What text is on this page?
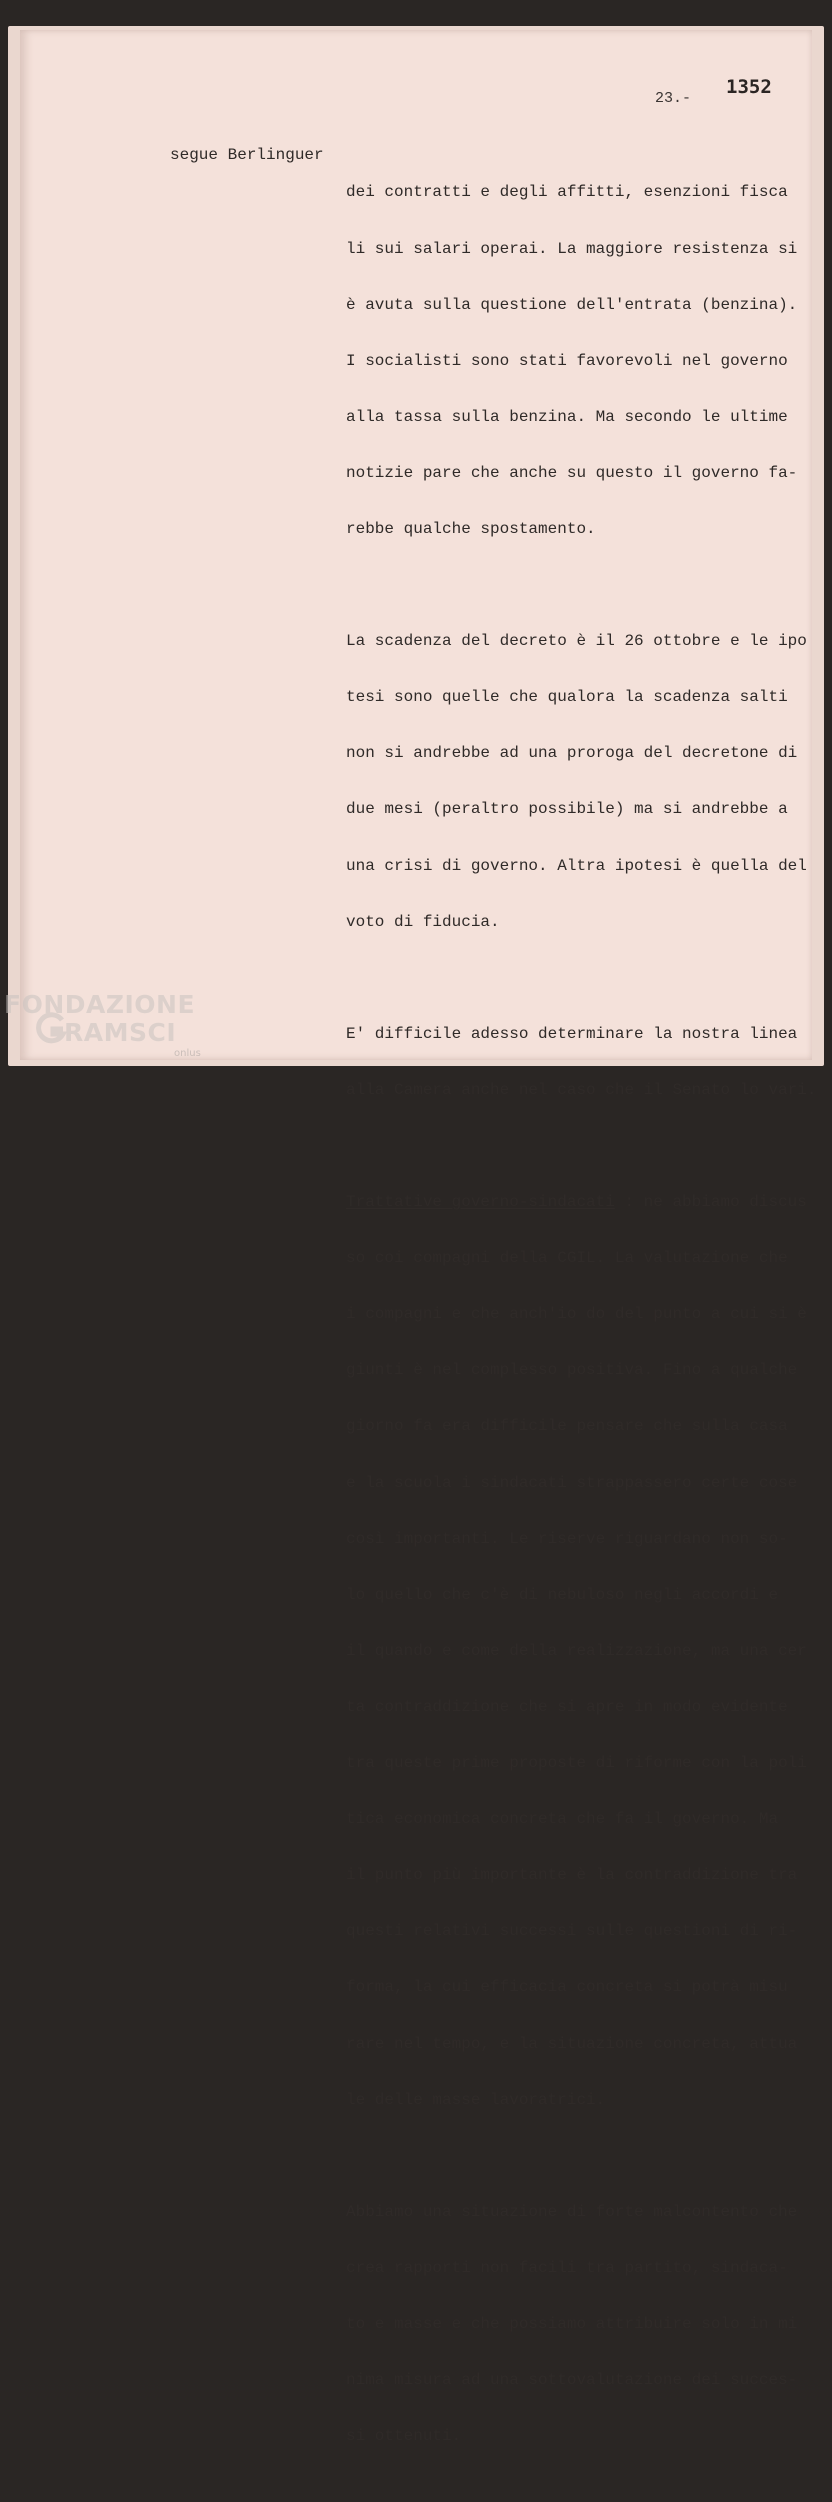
1352
23.-
segue Berlinguer

dei contratti e degli affitti, esenzioni fisca

li sui salari operai. La maggiore resistenza si

è avuta sulla questione dell'entrata (benzina).

I socialisti sono stati favorevoli nel governo

alla tassa sulla benzina. Ma secondo le ultime

notizie pare che anche su questo il governo fa-

rebbe qualche spostamento.

La scadenza del decreto è il 26 ottobre e le ipo

tesi sono quelle che qualora la scadenza salti

non si andrebbe ad una proroga del decretone di

due mesi (peraltro possibile) ma si andrebbe a

una crisi di governo. Altra ipotesi è quella del

voto di fiducia.

E' difficile adesso determinare la nostra linea

alla Camera anche nel caso che il Senato lo vari.

Trattative governo-sindacati : ne abbiamo discus

so coi compagni della CGIL. La valutazione che

i compagni e che anch'io do del punto a cui si è

giunti è nel complesso positiva. Fino a qualche

giorno fa era difficile pensare che sulla casa

e la scuola i sindacati strappassero certe cose

così importanti. Le riserve riguardano non so-

lo quello che c'è di nebuloso negli accordi e

il quando e come della realizzazione, ma una cer

ta contraddizione che si apre in modo evidente

tra queste prime proposte di riforme con la poli

tica economica concreta che fa il governo. Ma

il punto più importante è la contraddizione tra

questi relativi successi sulle questioni di ri-

forma, la cui efficacia concreta si potrà misu

rare nel tempo, e la situazione concreta, attua

le delle masse lavoratrici.

Abbiamo una situazione di forte malcontento che

crea rapporti non facili tra partito, sindaca-

to e masse e che possiamo attribuire solo in mi

nima misura ad una sottovalutazione dei succes-

si ottenuti.

FONDAZIONE
RAMSCI
onlus
